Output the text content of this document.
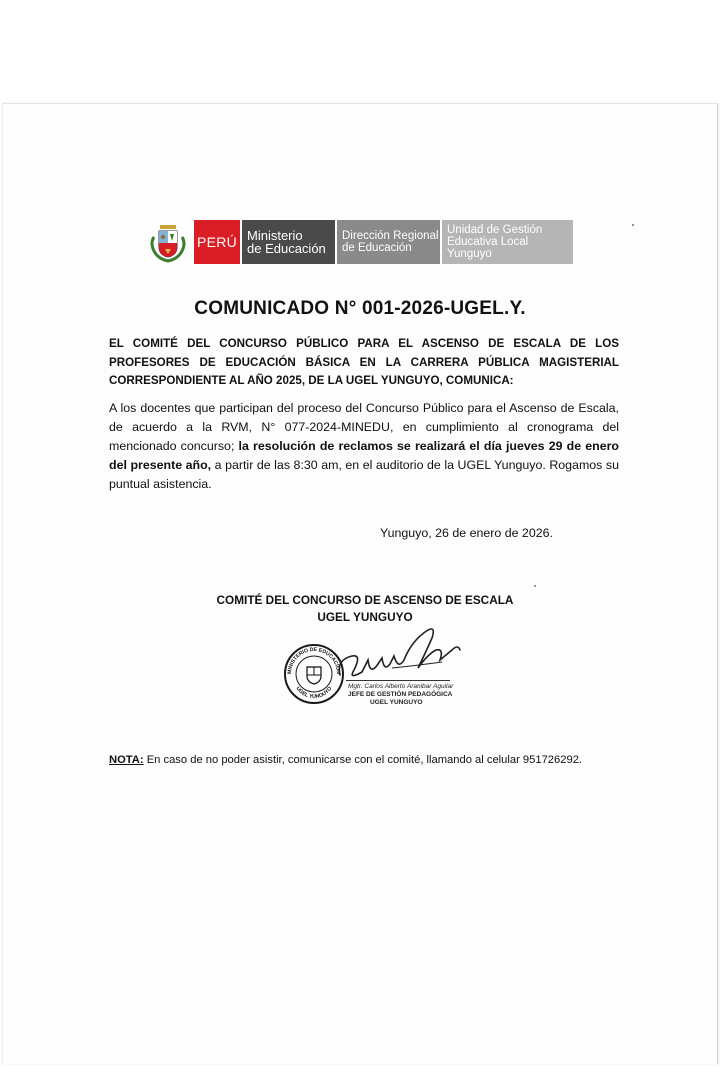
PERÚ Ministerio
de Educación
Dirección Regional
de Educación
Unidad de Gestión
Educativa Local Yunguyo
COMUNICADO N° 001-2026-UGEL.Y.
EL COMITÉ DEL CONCURSO PÚBLICO PARA EL ASCENSO DE ESCALA DE LOS PROFESORES DE EDUCACIÓN BÁSICA EN LA CARRERA PÚBLICA MAGISTERIAL CORRESPONDIENTE AL AÑO 2025, DE LA UGEL YUNGUYO, COMUNICA:
A los docentes que participan del proceso del Concurso Público para el Ascenso de Escala, de acuerdo a la RVM, N° 077-2024-MINEDU, en cumplimiento al cronograma del mencionado concurso; la resolución de reclamos se realizará el día jueves 29 de enero del presente año, a partir de las 8:30 am, en el auditorio de la UGEL Yunguyo. Rogamos su puntual asistencia.
Yunguyo, 26 de enero de 2026.
COMITÉ DEL CONCURSO DE ASCENSO DE ESCALA
UGEL YUNGUYO
MINISTERIO DE EDUCACIÓN
UGEL YUNGUYO Mgtr. Carlos Alberto Aranibar Aguilar
JEFE DE GESTIÓN PEDAGÓGICA
UGEL YUNGUYO
NOTA: En caso de no poder asistir, comunicarse con el comité, llamando al celular 951726292.
